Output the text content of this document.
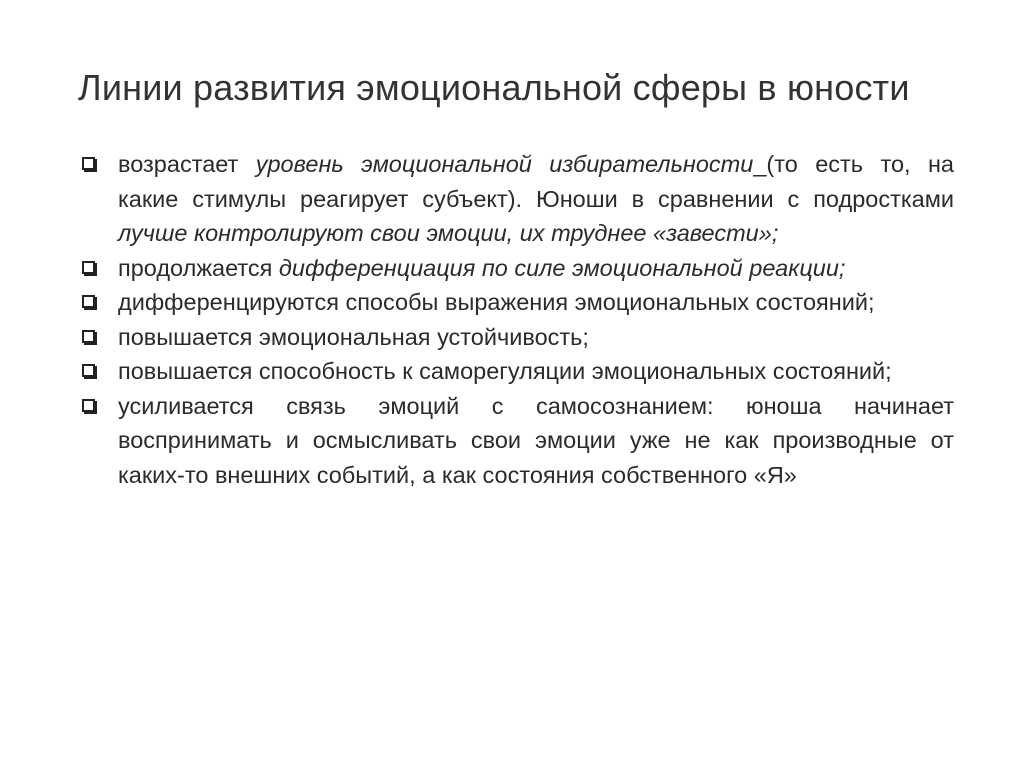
Линии развития эмоциональной сферы в юности
возрастает уровень эмоциональной избирательности_(то есть то, на какие стимулы реагирует субъект). Юноши в сравнении с подростками лучше контролируют свои эмоции, их труднее «завести»;
продолжается дифференциация по силе эмоциональной реакции;
дифференцируются способы выражения эмоциональных состояний;
повышается эмоциональная устойчивость;
повышается способность к саморегуляции эмоциональных состояний;
усиливается связь эмоций с самосознанием: юноша начинает воспринимать и осмысливать свои эмоции уже не как производные от каких-то внешних событий, а как состояния собственного «Я»
